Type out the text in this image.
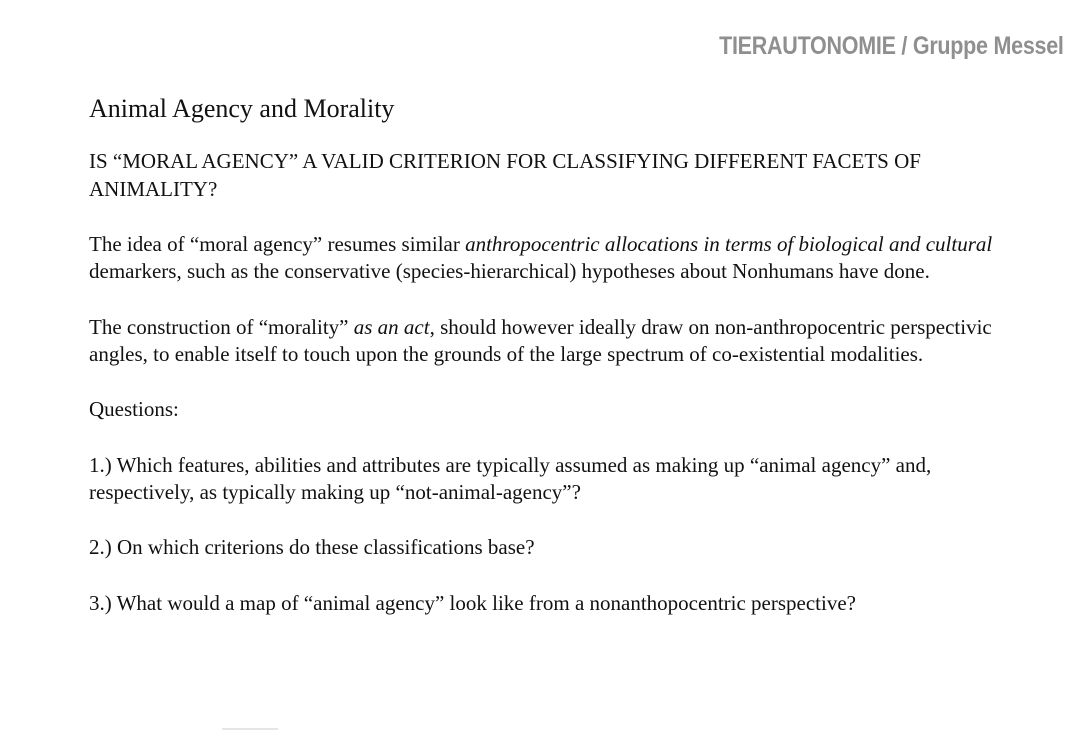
TIERAUTONOMIE / Gruppe Messel
Animal Agency and Morality

IS “MORAL AGENCY” A VALID CRITERION FOR CLASSIFYING DIFFERENT FACETS OF ANIMALITY?

The idea of “moral agency” resumes similar anthropocentric allocations in terms of biological and cultural demarkers, such as the conservative (species-hierarchical) hypotheses about Nonhumans have done.

The construction of “morality” as an act, should however ideally draw on non-anthropocentric perspectivic angles, to enable itself to touch upon the grounds of the large spectrum of co-existential modalities.

Questions:

1.) Which features, abilities and attributes are typically assumed as making up “animal agency” and, respectively, as typically making up “not-animal-agency”?

2.) On which criterions do these classifications base?

3.) What would a map of “animal agency” look like from a nonanthopocentric perspective?
